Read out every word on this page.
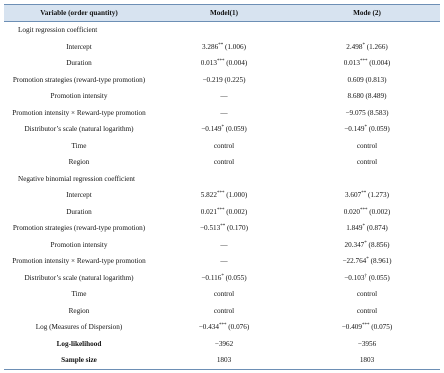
Variable (order quantity)	Model(1)	Mode (2)
Logit regression coefficient		
Intercept	3.286** (1.006)	2.498* (1.266)
Duration	0.013*** (0.004)	0.013*** (0.004)
Promotion strategies (reward-type promotion)	−0.219 (0.225)	0.609 (0.813)
Promotion intensity	—	8.680 (8.489)
Promotion intensity × Reward-type promotion	—	−9.075 (8.583)
Distributor’s scale (natural logarithm)	−0.149* (0.059)	−0.149* (0.059)
Time	control	control
Region	control	control
Negative binomial regression coefficient		
Intercept	5.822*** (1.000)	3.607** (1.273)
Duration	0.021*** (0.002)	0.020*** (0.002)
Promotion strategies (reward-type promotion)	−0.513** (0.170)	1.849* (0.874)
Promotion intensity	—	20.347* (8.856)
Promotion intensity × Reward-type promotion	—	−22.764* (8.961)
Distributor’s scale (natural logarithm)	−0.116* (0.055)	−0.103† (0.055)
Time	control	control
Region	control	control
Log (Measures of Dispersion)	−0.434*** (0.076)	−0.409*** (0.075)
Log-likelihood	−3962	−3956
Sample size	1803	1803
